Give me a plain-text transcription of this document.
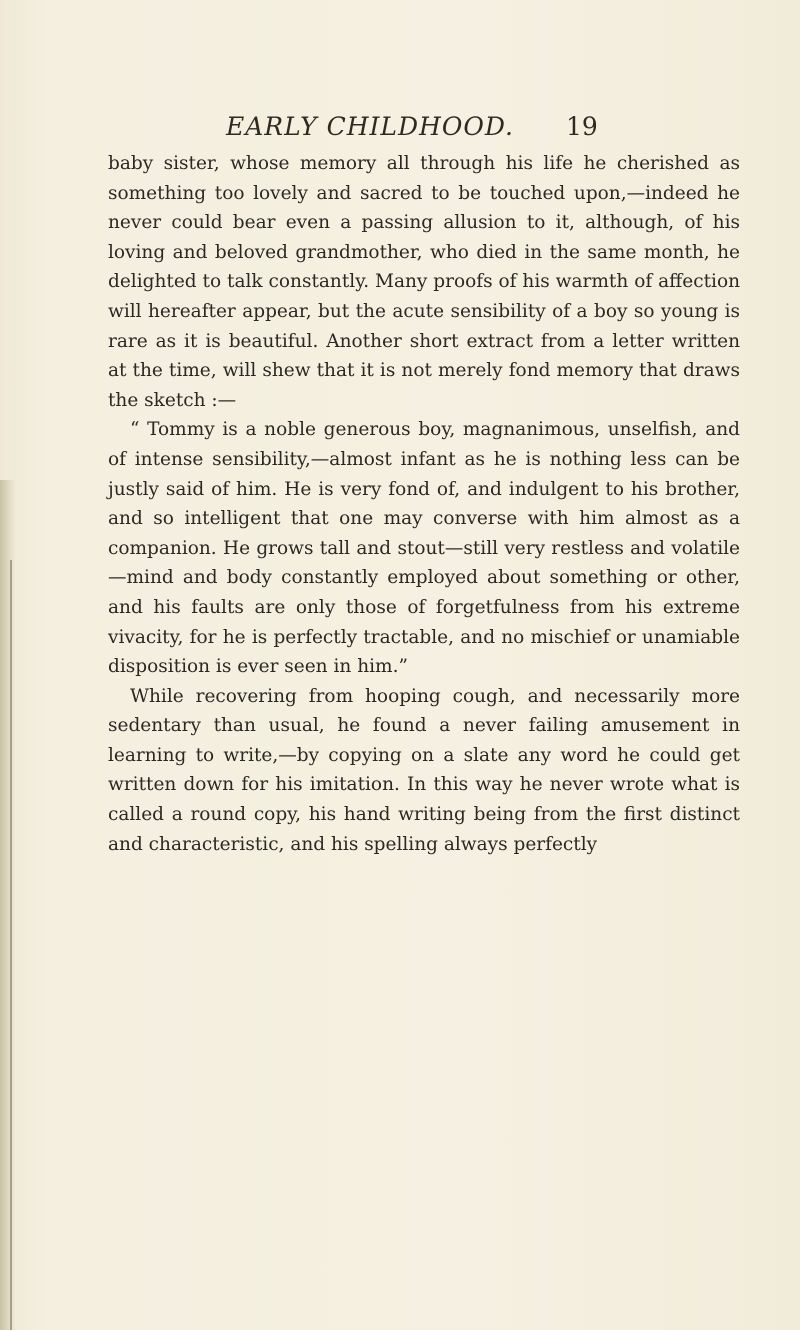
EARLY CHILDHOOD. 19

baby sister, whose memory all through his life he cherished as something too lovely and sacred to be touched upon,—indeed he never could bear even a passing allusion to it, although, of his loving and beloved grandmother, who died in the same month, he delighted to talk constantly. Many proofs of his warmth of affection will hereafter appear, but the acute sensibility of a boy so young is rare as it is beautiful. Another short extract from a letter written at the time, will shew that it is not merely fond memory that draws the sketch :—

“ Tommy is a noble generous boy, magnanimous, unselfish, and of intense sensibility,—almost infant as he is nothing less can be justly said of him. He is very fond of, and indulgent to his brother, and so intelligent that one may converse with him almost as a companion. He grows tall and stout—still very restless and volatile —mind and body constantly employed about something or other, and his faults are only those of forgetfulness from his extreme vivacity, for he is perfectly tractable, and no mischief or unamiable disposition is ever seen in him.”

While recovering from hooping cough, and necessarily more sedentary than usual, he found a never failing amusement in learning to write,—by copying on a slate any word he could get written down for his imitation. In this way he never wrote what is called a round copy, his hand writing being from the first distinct and characteristic, and his spelling always perfectly
